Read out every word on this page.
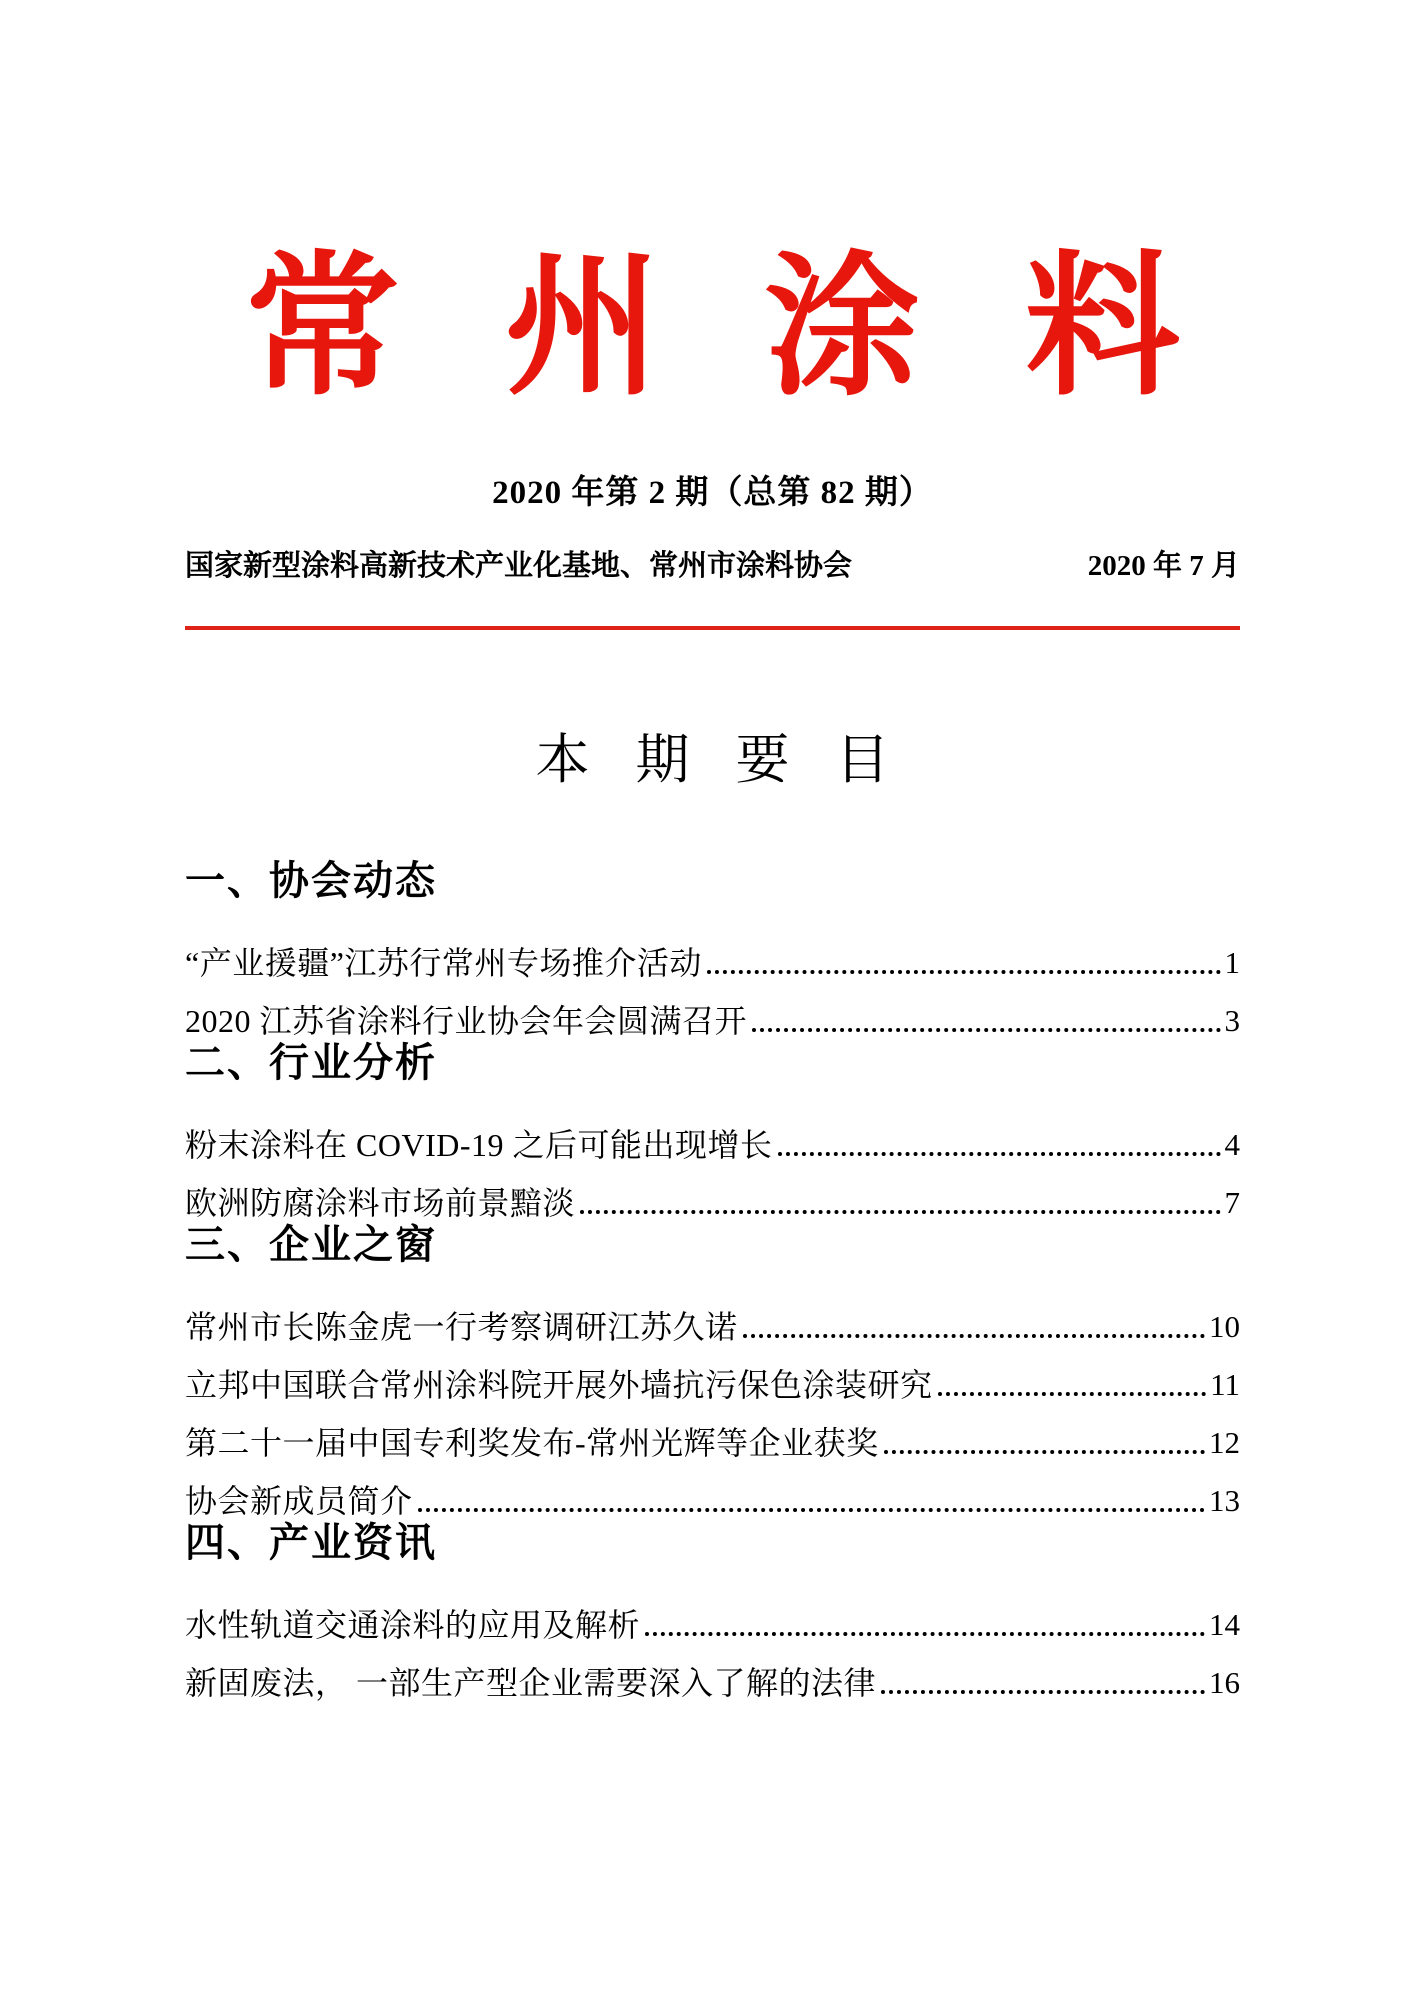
常州涂料
2020 年第 2 期（总第 82 期）
国家新型涂料高新技术产业化基地、常州市涂料协会	2020 年 7 月
本期要目
一、协会动态
“产业援疆”江苏行常州专场推介活动	1
2020 江苏省涂料行业协会年会圆满召开	3
二、行业分析
粉末涂料在 COVID-19 之后可能出现增长	4
欧洲防腐涂料市场前景黯淡	7
三、企业之窗
常州市长陈金虎一行考察调研江苏久诺	10
立邦中国联合常州涂料院开展外墙抗污保色涂装研究	11
第二十一届中国专利奖发布-常州光辉等企业获奖	12
协会新成员简介	13
四、产业资讯
水性轨道交通涂料的应用及解析	14
新固废法， 一部生产型企业需要深入了解的法律	16
